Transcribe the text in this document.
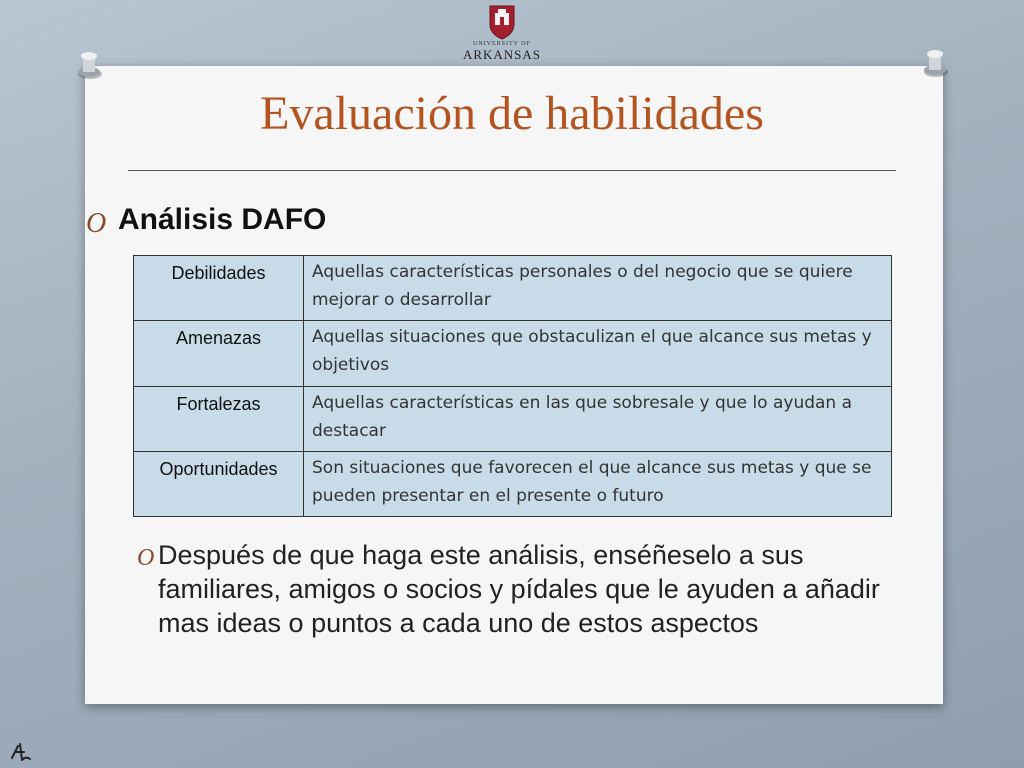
UNIVERSITY OF
ARKANSAS
Evaluación de habilidades
O Análisis DAFO
Debilidades	Aquellas características personales o del negocio que se quiere mejorar o desarrollar
Amenazas	Aquellas situaciones que obstaculizan el que alcance sus metas y objetivos
Fortalezas	Aquellas características en las que sobresale y que lo ayudan a destacar
Oportunidades	Son situaciones que favorecen el que alcance sus metas y que se pueden presentar en el presente o futuro
O Después de que haga este análisis, enséñeselo a sus familiares, amigos o socios y pídales que le ayuden a añadir mas ideas o puntos a cada uno de estos aspectos
